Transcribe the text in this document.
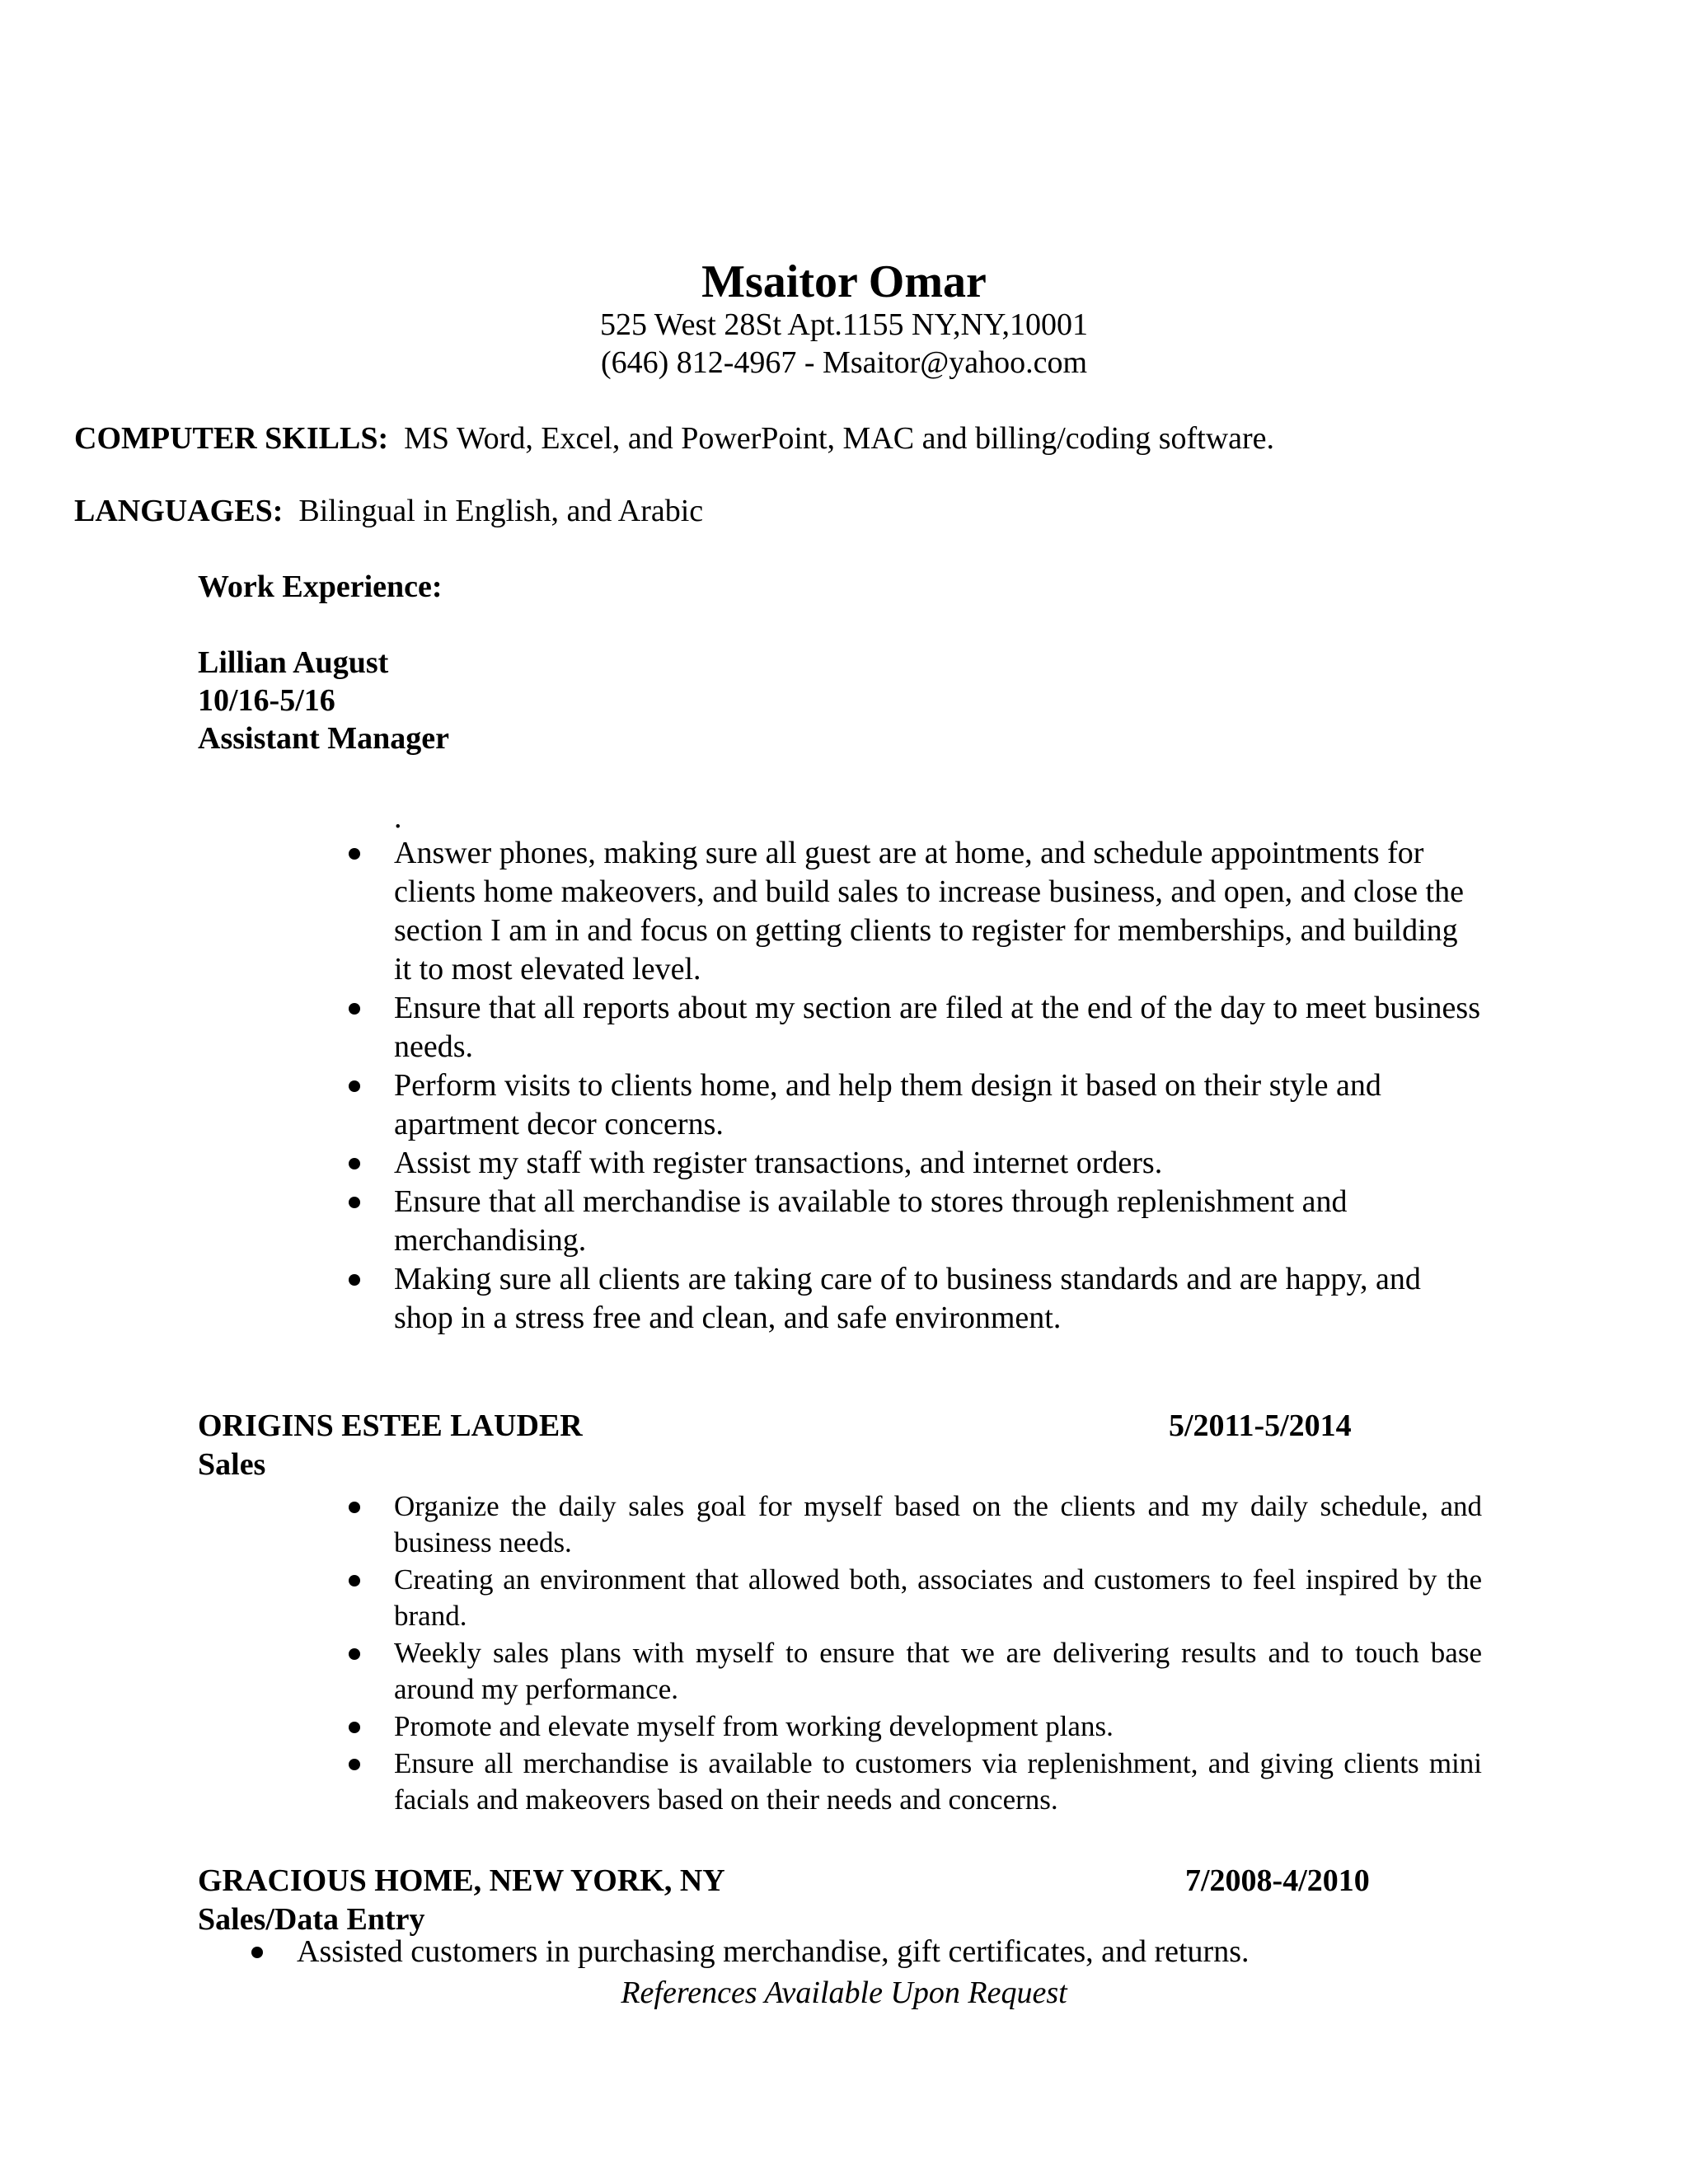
Msaitor Omar
525 West 28St Apt.1155 NY,NY,10001
(646) 812-4967 - Msaitor@yahoo.com
COMPUTER SKILLS: MS Word, Excel, and PowerPoint, MAC and billing/coding software.
LANGUAGES: Bilingual in English, and Arabic
Work Experience:
Lillian August
10/16-5/16
Assistant Manager
.
Answer phones, making sure all guest are at home, and schedule appointments for clients home makeovers, and build sales to increase business, and open, and close the section I am in and focus on getting clients to register for memberships, and building it to most elevated level.
Ensure that all reports about my section are filed at the end of the day to meet business needs.
Perform visits to clients home, and help them design it based on their style and apartment decor concerns.
Assist my staff with register transactions, and internet orders.
Ensure that all merchandise is available to stores through replenishment and merchandising.
Making sure all clients are taking care of to business standards and are happy, and shop in a stress free and clean, and safe environment.
ORIGINS ESTEE LAUDER	5/2011-5/2014
Sales
Organize the daily sales goal for myself based on the clients and my daily schedule, and business needs.
Creating an environment that allowed both, associates and customers to feel inspired by the brand.
Weekly sales plans with myself to ensure that we are delivering results and to touch base around my performance.
Promote and elevate myself from working development plans.
Ensure all merchandise is available to customers via replenishment, and giving clients mini facials and makeovers based on their needs and concerns.
GRACIOUS HOME, NEW YORK, NY	7/2008-4/2010
Sales/Data Entry
Assisted customers in purchasing merchandise, gift certificates, and returns.
References Available Upon Request
